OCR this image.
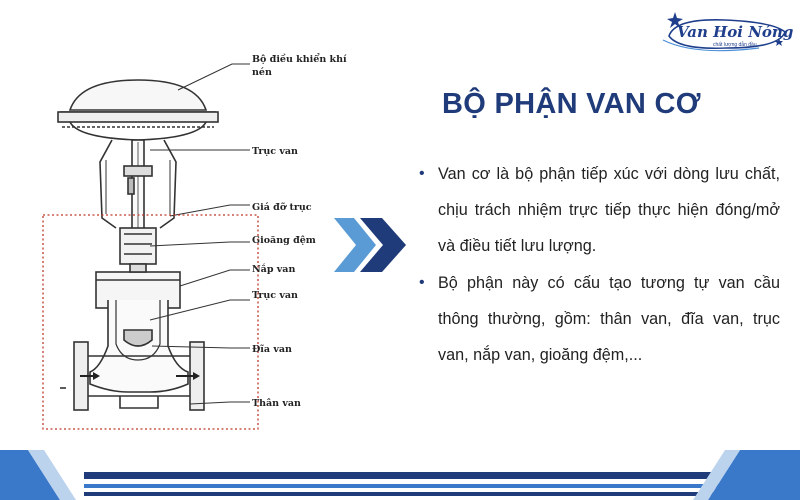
Bộ điều khiển khí
nén
Trục van
Giá đỡ trục
Gioăng đệm
Nắp van
Trục van
Đĩa van
Thân van
Van Hoi Nóng
chất lượng dẫn đầu
BỘ PHẬN VAN CƠ
• Van cơ là bộ phận tiếp xúc với dòng lưu chất, chịu trách nhiệm trực tiếp thực hiện đóng/mở và điều tiết lưu lượng.
• Bộ phận này có cấu tạo tương tự van cầu thông thường, gồm: thân van, đĩa van, trục van, nắp van, gioăng đệm,...
